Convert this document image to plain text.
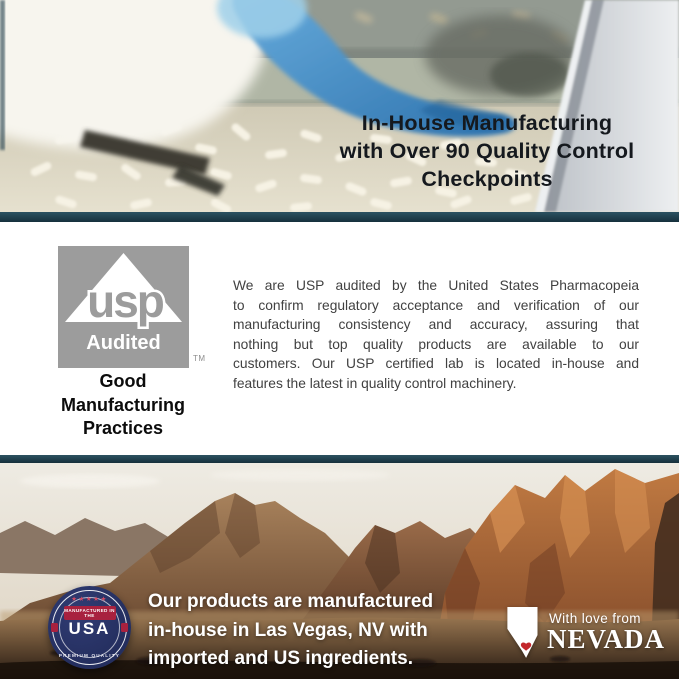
In-House Manufacturing
with Over 90 Quality Control
Checkpoints
usp
Audited
TM
Good
Manufacturing
Practices
We are USP audited by the United States Pharmacopeia
to confirm regulatory acceptance and verification of our
manufacturing consistency and accuracy, assuring that
nothing but top quality products are available to our
customers. Our USP certified lab is located in-house and
features the latest in quality control machinery.
★★★★★
MANUFACTURED IN THE
USA
PREMIUM QUALITY
Our products are manufactured
in-house in Las Vegas, NV with
imported and US ingredients.
With love from
NEVADA
